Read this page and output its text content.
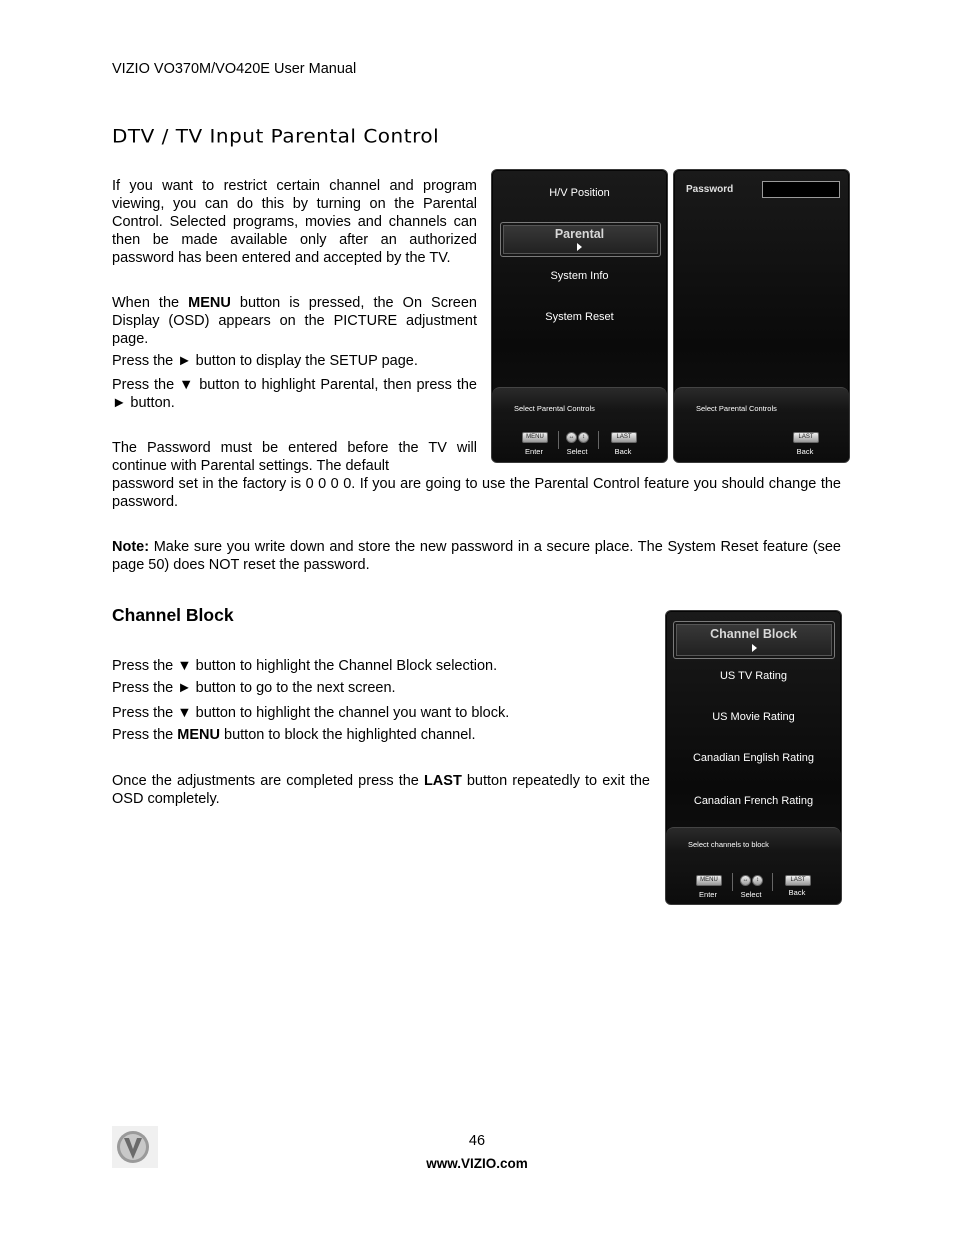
VIZIO VO370M/VO420E User Manual
DTV / TV Input Parental Control

If you want to restrict certain channel and program viewing, you can do this by turning on the Parental Control. Selected programs, movies and channels can then be made available only after an authorized password has been entered and accepted by the TV.

When the MENU button is pressed, the On Screen Display (OSD) appears on the PICTURE adjustment page.

Press the ► button to display the SETUP page.

Press the ▼ button to highlight Parental, then press the ► button.

The Password must be entered before the TV will continue with Parental settings. The default

password set in the factory is 0 0 0 0. If you are going to use the Parental Control feature you should change the password.

Note: Make sure you write down and store the new password in a secure place. The System Reset feature (see page 50) does NOT reset the password.

H/V Position
Parental
System Info
System Reset
Select Parental Controls
MENU
Enter
↔	↕
Select
LAST
Back
Password
Select Parental Controls
LAST
Back
Channel Block

Press the ▼ button to highlight the Channel Block selection.

Press the ► button to go to the next screen.

Press the ▼ button to highlight the channel you want to block.

Press the MENU button to block the highlighted channel.

Once the adjustments are completed press the LAST button repeatedly to exit the OSD completely.

Channel Block
US TV Rating
US Movie Rating
Canadian English Rating
Canadian French Rating
Select channels to block
MENU
Enter
↔	↕
Select
LAST
Back
46
www.VIZIO.com
